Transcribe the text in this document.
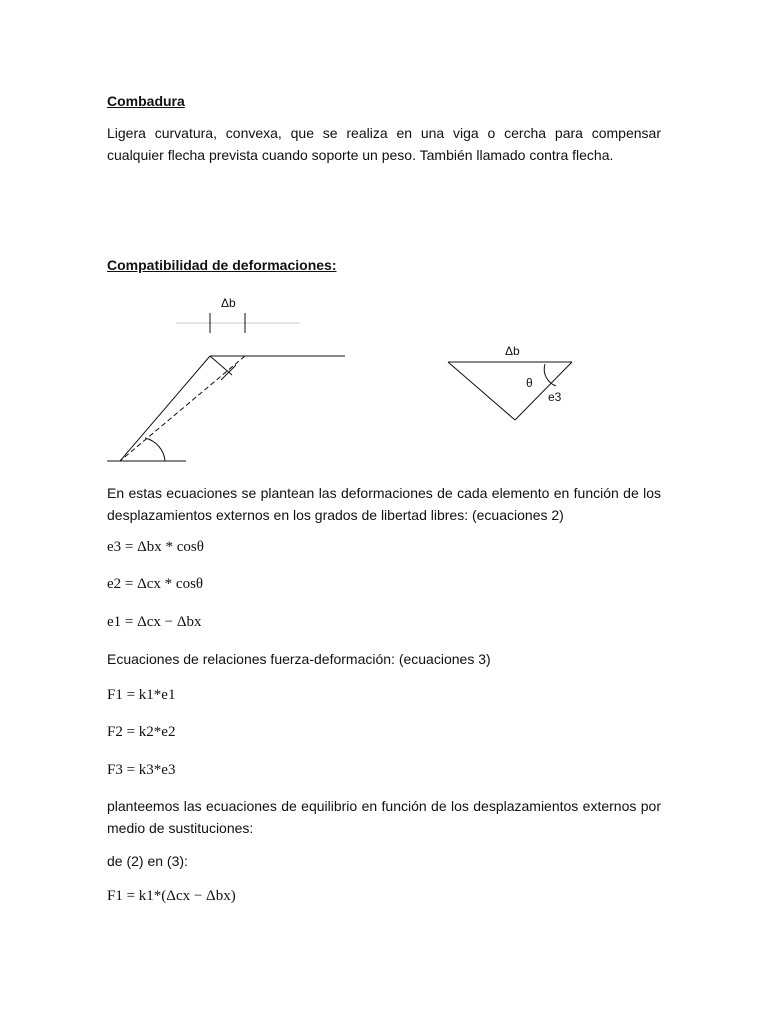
Combadura
Ligera curvatura, convexa, que se realiza en una viga o cercha para compensar cualquier flecha prevista cuando soporte un peso. También llamado contra flecha.
Compatibilidad de deformaciones:
Δb
Δb
θ
e3
En estas ecuaciones se plantean las deformaciones de cada elemento en función de los desplazamientos externos en los grados de libertad libres: (ecuaciones 2)
e3 = Δbx * cosθ
e2 = Δcx * cosθ
e1 = Δcx − Δbx
Ecuaciones de relaciones fuerza-deformación: (ecuaciones 3)
F1 = k1*e1
F2 = k2*e2
F3 = k3*e3
planteemos las ecuaciones de equilibrio en función de los desplazamientos externos por medio de sustituciones:
de (2) en (3):
F1 = k1*(Δcx − Δbx)
